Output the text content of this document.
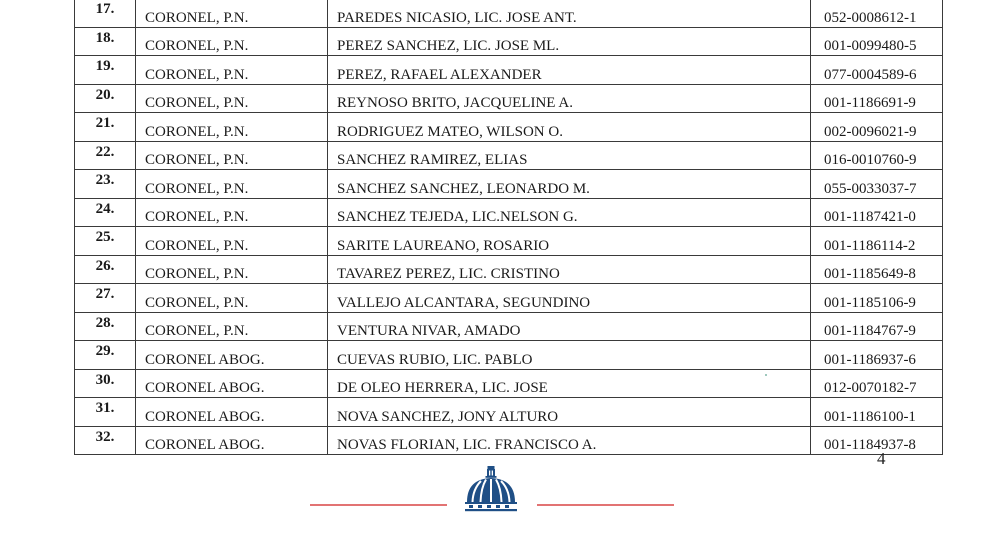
17.	CORONEL, P.N.	PAREDES NICASIO, LIC. JOSE ANT.	052-0008612-1
18.	CORONEL, P.N.	PEREZ SANCHEZ, LIC. JOSE ML.	001-0099480-5
19.	CORONEL, P.N.	PEREZ, RAFAEL ALEXANDER	077-0004589-6
20.	CORONEL, P.N.	REYNOSO BRITO, JACQUELINE A.	001-1186691-9
21.	CORONEL, P.N.	RODRIGUEZ MATEO, WILSON O.	002-0096021-9
22.	CORONEL, P.N.	SANCHEZ RAMIREZ, ELIAS	016-0010760-9
23.	CORONEL, P.N.	SANCHEZ SANCHEZ, LEONARDO M.	055-0033037-7
24.	CORONEL, P.N.	SANCHEZ TEJEDA, LIC.NELSON G.	001-1187421-0
25.	CORONEL, P.N.	SARITE LAUREANO, ROSARIO	001-1186114-2
26.	CORONEL, P.N.	TAVAREZ PEREZ, LIC. CRISTINO	001-1185649-8
27.	CORONEL, P.N.	VALLEJO ALCANTARA, SEGUNDINO	001-1185106-9
28.	CORONEL, P.N.	VENTURA NIVAR, AMADO	001-1184767-9
29.	CORONEL ABOG.	CUEVAS RUBIO, LIC. PABLO	001-1186937-6
30.	CORONEL ABOG.	DE OLEO HERRERA, LIC. JOSE	012-0070182-7
31.	CORONEL ABOG.	NOVA SANCHEZ, JONY ALTURO	001-1186100-1
32.	CORONEL ABOG.	NOVAS FLORIAN, LIC. FRANCISCO A.	001-1184937-8
4
